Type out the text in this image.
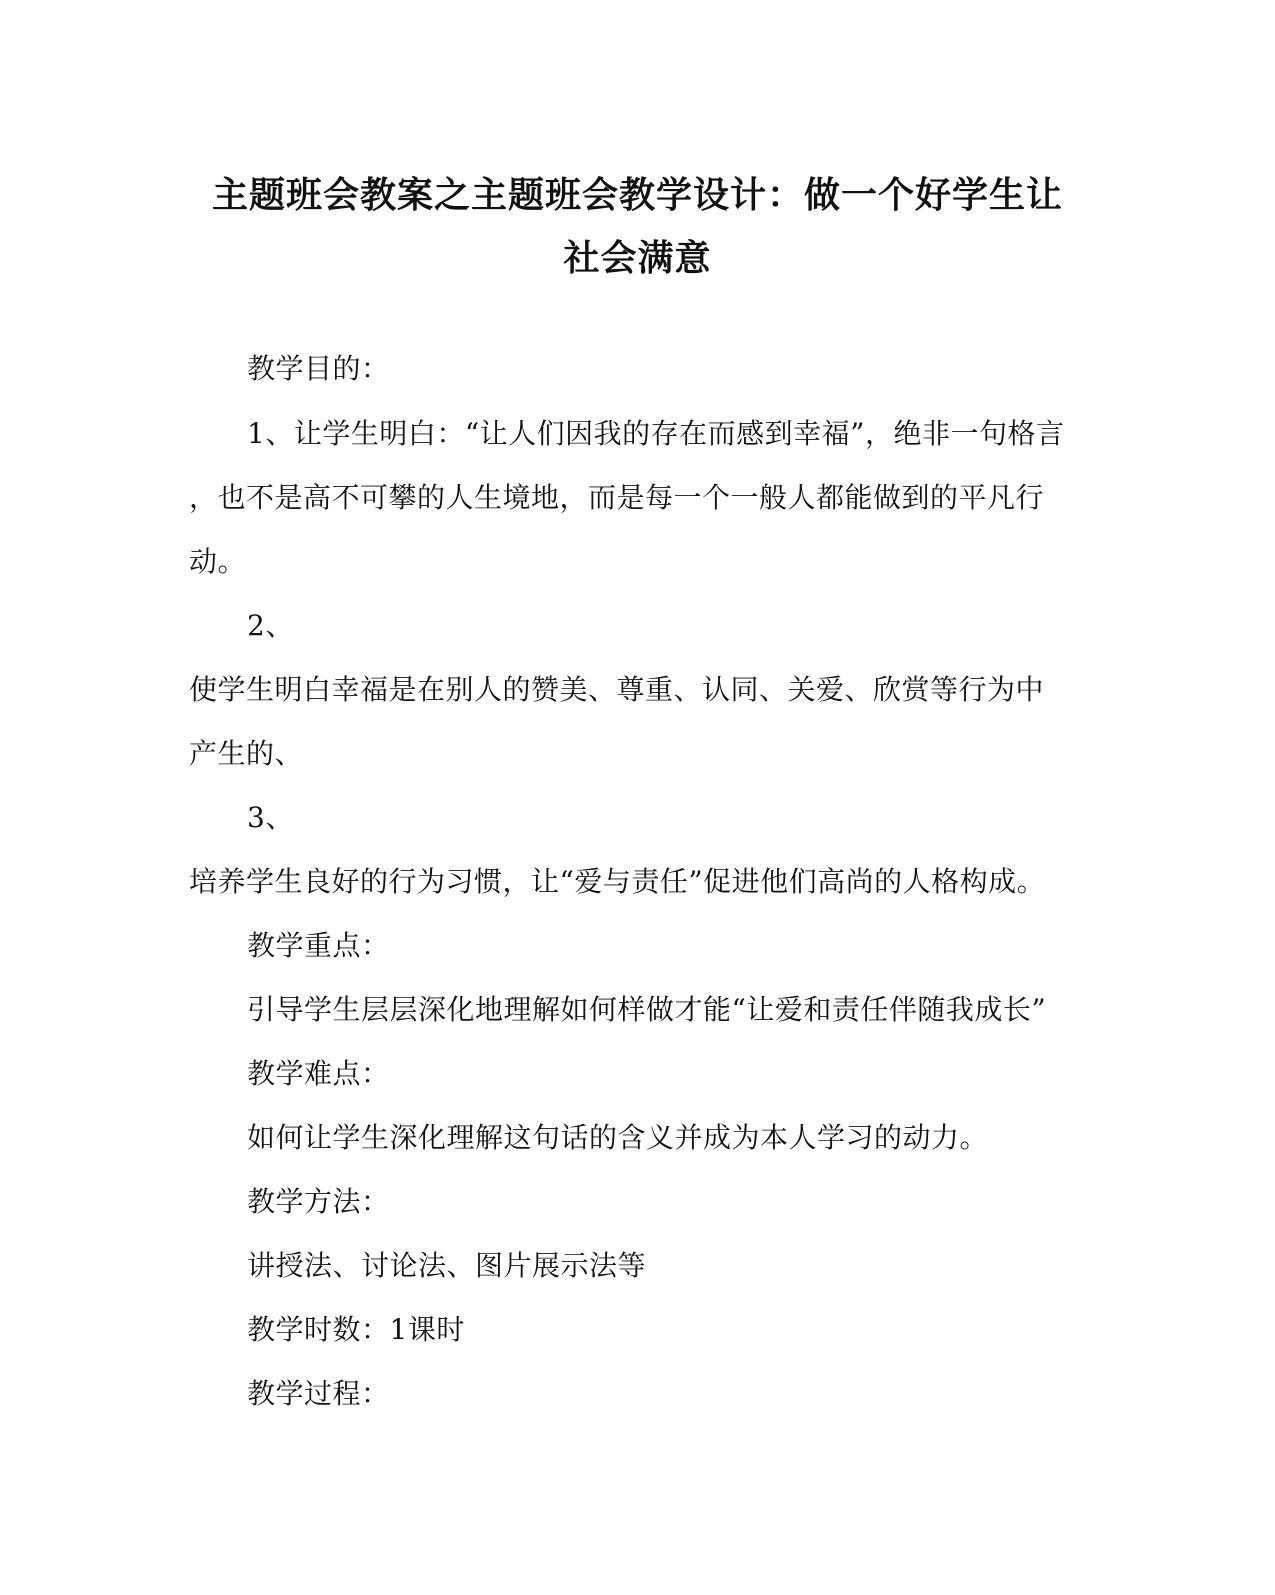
主题班会教案之主题班会教学设计：做一个好学生让
社会满意
教学目的：
1、让学生明白：“让人们因我的存在而感到幸福”，绝非一句格言
，也不是高不可攀的人生境地，而是每一个一般人都能做到的平凡行
动。
2、
使学生明白幸福是在别人的赞美、尊重、认同、关爱、欣赏等行为中
产生的、
3、
培养学生良好的行为习惯，让“爱与责任”促进他们高尚的人格构成。
教学重点：
引导学生层层深化地理解如何样做才能“让爱和责任伴随我成长”
教学难点：
如何让学生深化理解这句话的含义并成为本人学习的动力。
教学方法：
讲授法、讨论法、图片展示法等
教学时数：1课时
教学过程：
